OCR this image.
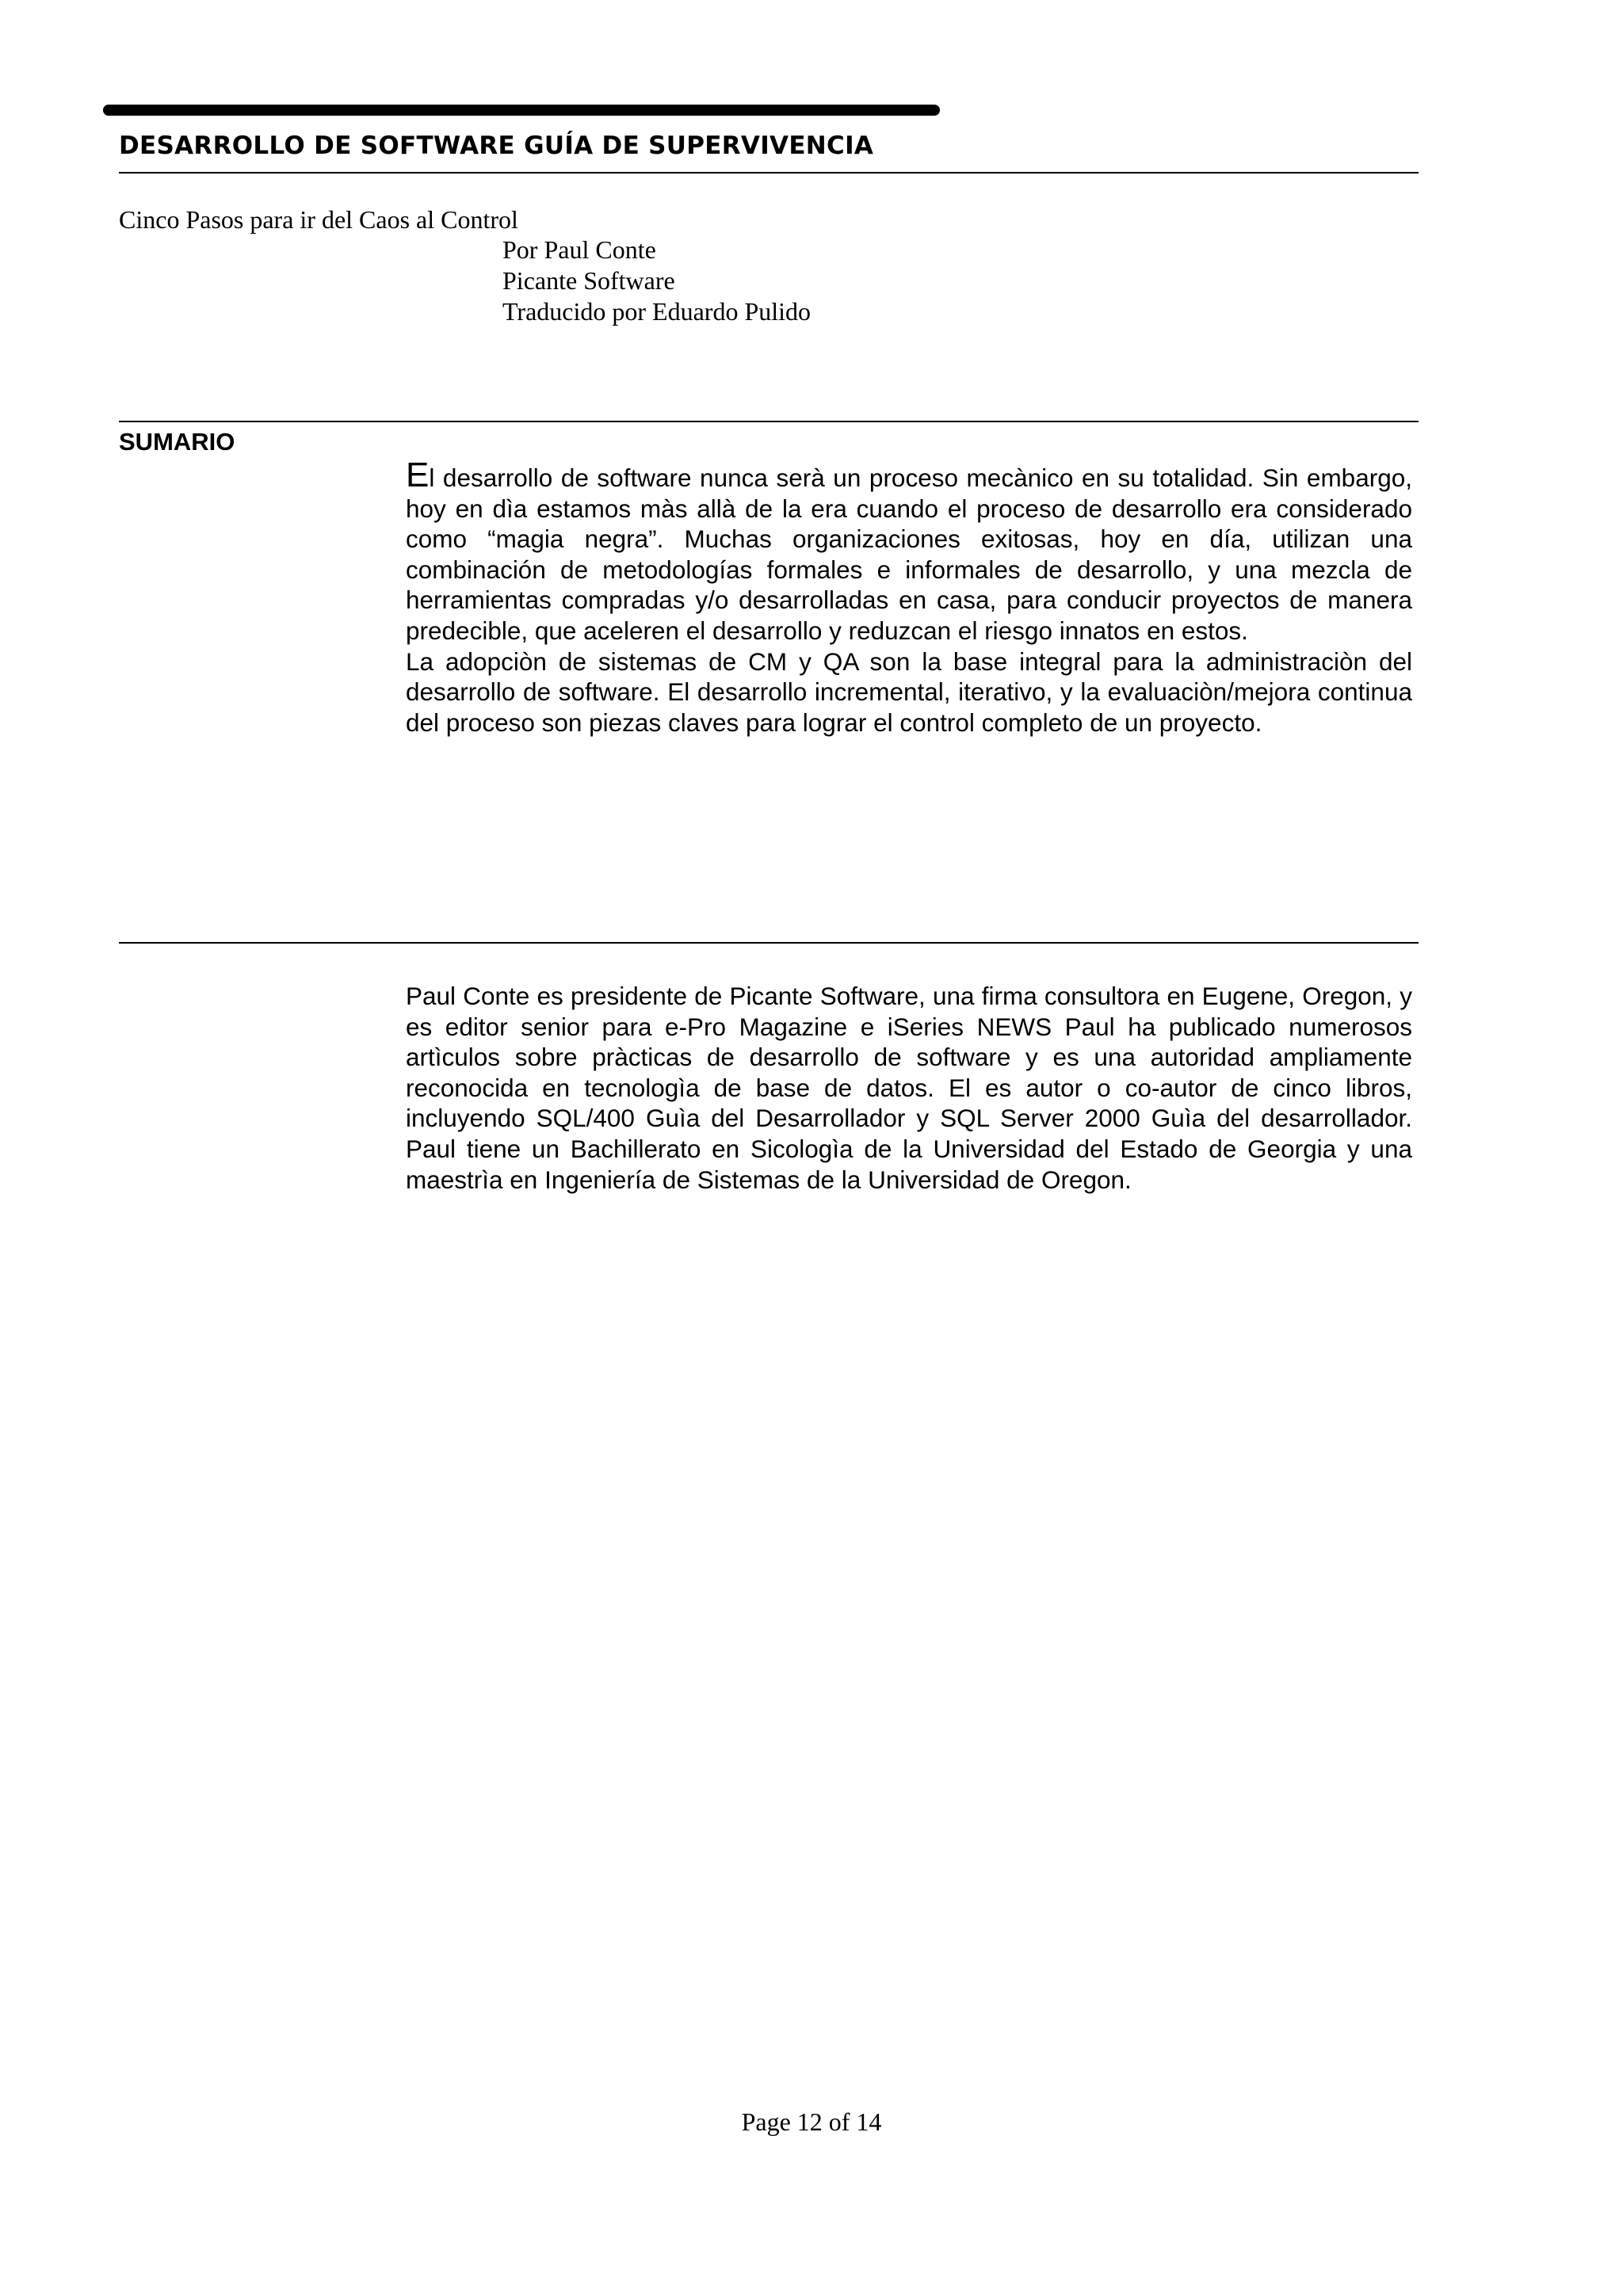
DESARROLLO DE SOFTWARE GUÍA DE SUPERVIVENCIA
Cinco Pasos para ir del Caos al Control
Por Paul Conte
Picante Software
Traducido por Eduardo Pulido
SUMARIO

El desarrollo de software nunca serà un proceso mecànico en su totalidad. Sin embargo, hoy en dìa estamos màs allà de la era cuando el proceso de desarrollo era considerado como “magia negra”. Muchas organizaciones exitosas, hoy en día, utilizan una combinación de metodologías formales e informales de desarrollo, y una mezcla de herramientas compradas y/o desarrolladas en casa, para conducir proyectos de manera predecible, que aceleren el desarrollo y reduzcan el riesgo innatos en estos.

La adopciòn de sistemas de CM y QA son la base integral para la administraciòn del desarrollo de software. El desarrollo incremental, iterativo, y la evaluaciòn/mejora continua del proceso son piezas claves para lograr el control completo de un proyecto.

Paul Conte es presidente de Picante Software, una firma consultora en Eugene, Oregon, y es editor senior para e-Pro Magazine e iSeries NEWS Paul ha publicado numerosos artìculos sobre pràcticas de desarrollo de software y es una autoridad ampliamente reconocida en tecnologìa de base de datos. El es autor o co-autor de cinco libros, incluyendo SQL/400 Guìa del Desarrollador y SQL Server 2000 Guìa del desarrollador. Paul tiene un Bachillerato en Sicologìa de la Universidad del Estado de Georgia y una maestrìa en Ingeniería de Sistemas de la Universidad de Oregon.

Page 12 of 14
